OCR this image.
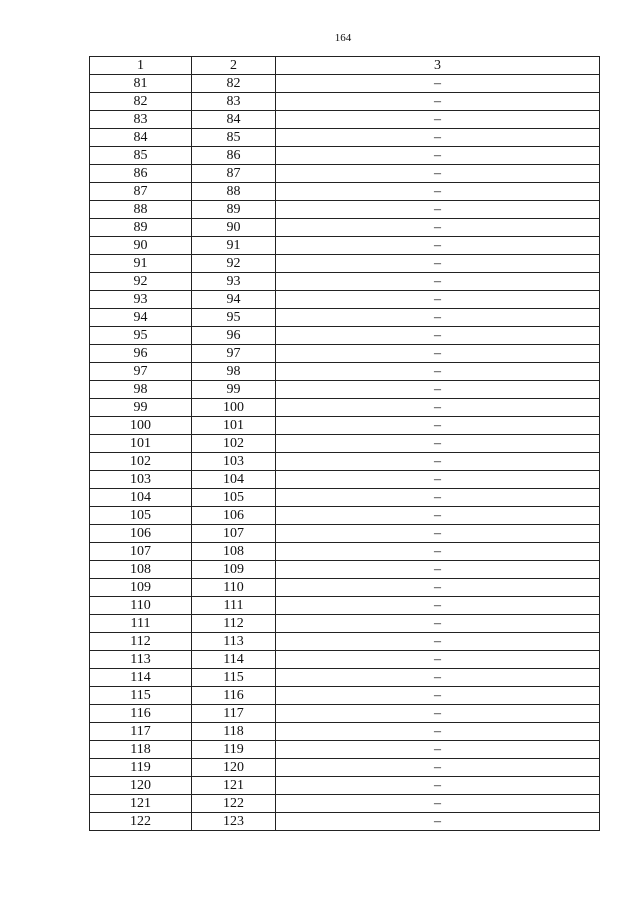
164
1	2	3
81	82	–
82	83	–
83	84	–
84	85	–
85	86	–
86	87	–
87	88	–
88	89	–
89	90	–
90	91	–
91	92	–
92	93	–
93	94	–
94	95	–
95	96	–
96	97	–
97	98	–
98	99	–
99	100	–
100	101	–
101	102	–
102	103	–
103	104	–
104	105	–
105	106	–
106	107	–
107	108	–
108	109	–
109	110	–
110	111	–
111	112	–
112	113	–
113	114	–
114	115	–
115	116	–
116	117	–
117	118	–
118	119	–
119	120	–
120	121	–
121	122	–
122	123	–
